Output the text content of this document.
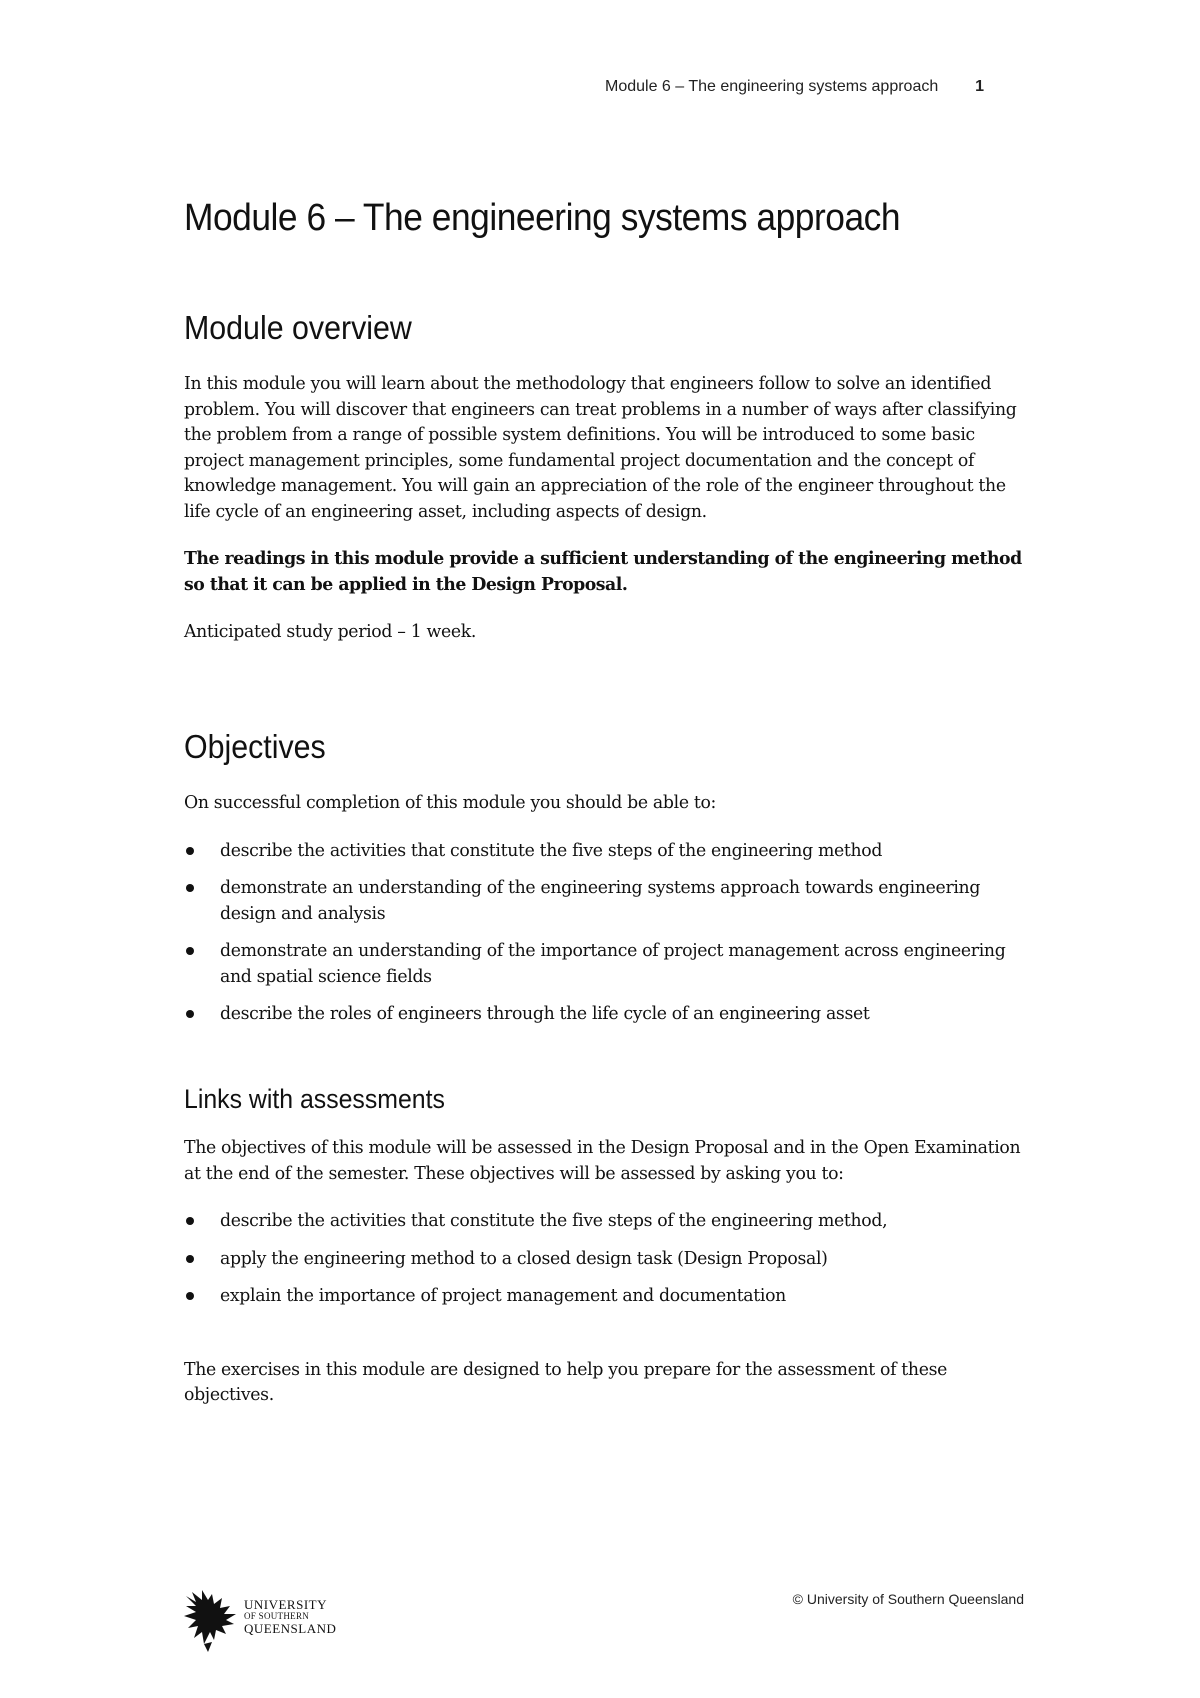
Module 6 – The engineering systems approach 1
Module 6 – The engineering systems approach
Module overview

In this module you will learn about the methodology that engineers follow to solve an identified problem. You will discover that engineers can treat problems in a number of ways after classifying the problem from a range of possible system definitions. You will be introduced to some basic project management principles, some fundamental project documentation and the concept of knowledge management. You will gain an appreciation of the role of the engineer throughout the life cycle of an engineering asset, including aspects of design.

The readings in this module provide a sufficient understanding of the engineering method so that it can be applied in the Design Proposal.

Anticipated study period – 1 week.

Objectives

On successful completion of this module you should be able to:

describe the activities that constitute the five steps of the engineering method
demonstrate an understanding of the engineering systems approach towards engineering design and analysis
demonstrate an understanding of the importance of project management across engineering and spatial science fields
describe the roles of engineers through the life cycle of an engineering asset
Links with assessments

The objectives of this module will be assessed in the Design Proposal and in the Open Examination at the end of the semester. These objectives will be assessed by asking you to:

describe the activities that constitute the five steps of the engineering method,
apply the engineering method to a closed design task (Design Proposal)
explain the importance of project management and documentation

The exercises in this module are designed to help you prepare for the assessment of these objectives.

UNIVERSITY
OF SOUTHERN
QUEENSLAND
© University of Southern Queensland
